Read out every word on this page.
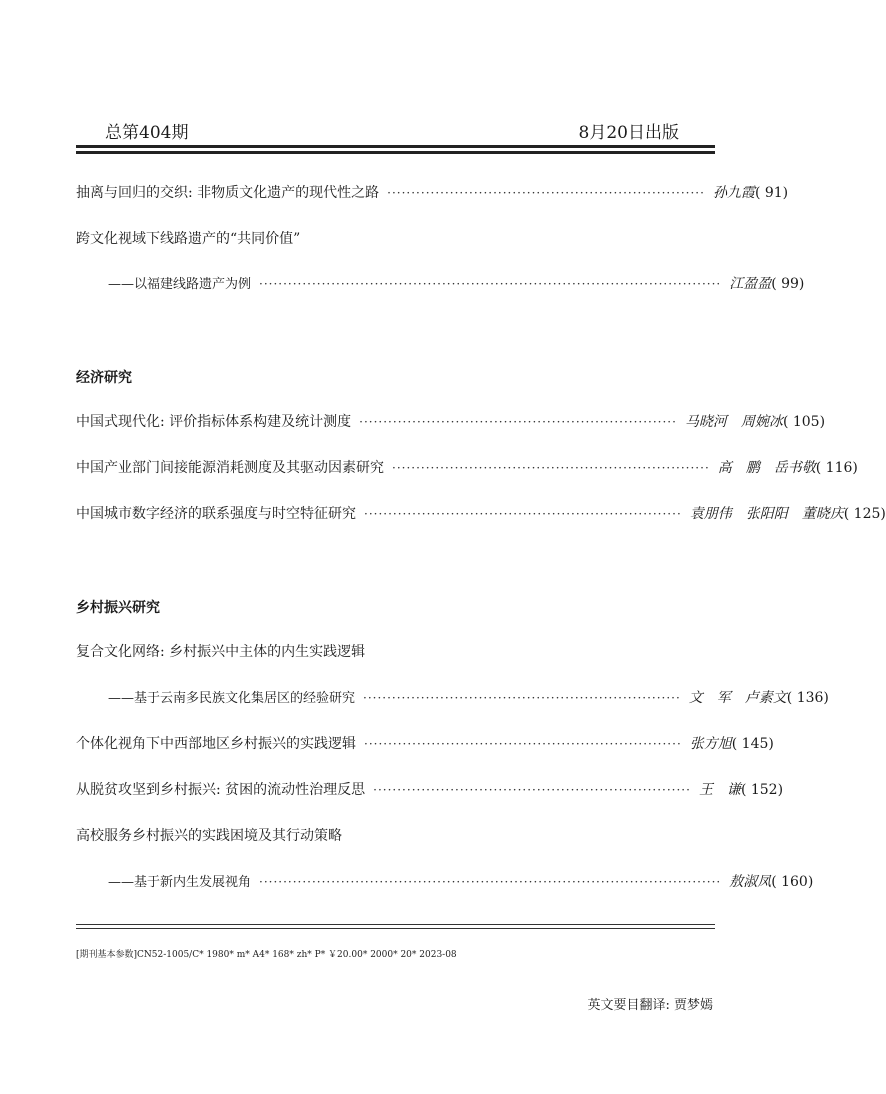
总第404期	8月20日出版
抽离与回归的交织: 非物质文化遗产的现代性之路 ·································································· 孙九霞 ( 91)
跨文化视域下线路遗产的“共同价值”
——以福建线路遗产为例 ································································································ 江盈盈 ( 99)
经济研究
中国式现代化: 评价指标体系构建及统计测度 ·································································· 马晓河　周婉冰 ( 105)
中国产业部门间接能源消耗测度及其驱动因素研究 ·································································· 高　鹏　岳书敬 ( 116)
中国城市数字经济的联系强度与时空特征研究 ·································································· 袁朋伟　张阳阳　董晓庆 ( 125)
乡村振兴研究
复合文化网络: 乡村振兴中主体的内生实践逻辑
——基于云南多民族文化集居区的经验研究 ·································································· 文　军　卢素文 ( 136)
个体化视角下中西部地区乡村振兴的实践逻辑 ·································································· 张方旭 ( 145)
从脱贫攻坚到乡村振兴: 贫困的流动性治理反思 ·································································· 王　谦 ( 152)
高校服务乡村振兴的实践困境及其行动策略
——基于新内生发展视角 ································································································ 敖淑凤 ( 160)
[期刊基本参数]CN52-1005/C* 1980* m* A4* 168* zh* P* ￥20.00* 2000* 20* 2023-08
英文要目翻译: 贾梦嫣
